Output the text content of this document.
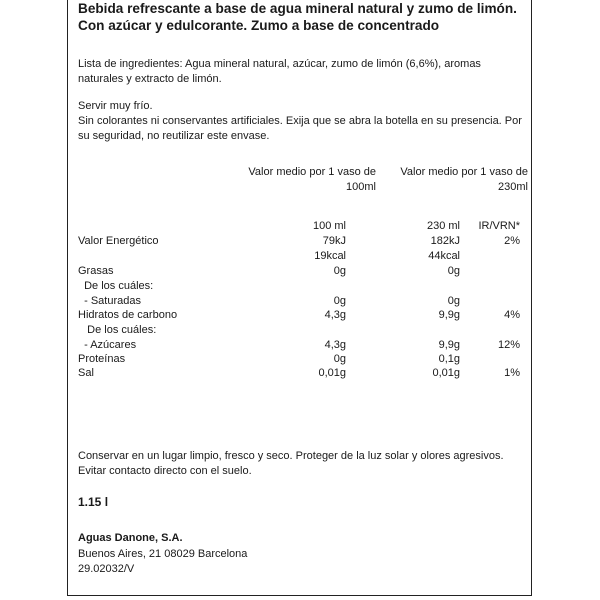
Bebida refrescante a base de agua mineral natural y zumo de limón. Con azúcar y edulcorante. Zumo a base de concentrado
Lista de ingredientes: Agua mineral natural, azúcar, zumo de limón (6,6%), aromas naturales y extracto de limón.
Servir muy frío.
Sin colorantes ni conservantes artificiales. Exija que se abra la botella en su presencia. Por su seguridad, no reutilizar este envase.
Valor medio por 1 vaso de 100ml
Valor medio por 1 vaso de 230ml
100 ml	230 ml IR/VRN*
Valor Energético	79kJ	182kJ	2%
19kcal	44kcal
Grasas	0g	0g
De los cuáles:
- Saturadas	0g	0g
Hidratos de carbono	4,3g	9,9g	4%
De los cuáles:
- Azúcares	4,3g	9,9g	12%
Proteínas	0g	0,1g
Sal	0,01g	0,01g	1%
Conservar en un lugar limpio, fresco y seco. Proteger de la luz solar y olores agresivos. Evitar contacto directo con el suelo.
1.15 l
Aguas Danone, S.A.
Buenos Aires, 21 08029 Barcelona
29.02032/V
